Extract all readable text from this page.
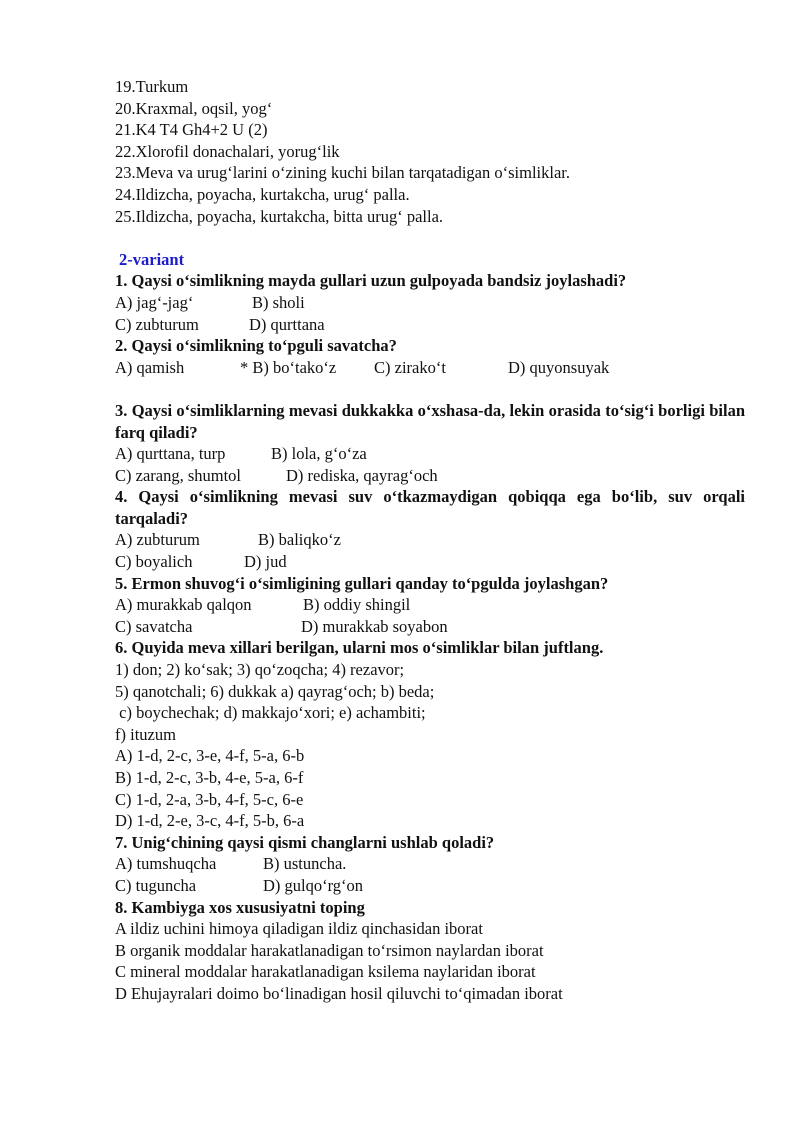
19.Turkum
20.Kraxmal, oqsil, yog‘
21.K4 T4 Gh4+2 U (2)
22.Xlorofil donachalari, yorug‘lik
23.Meva va urug‘larini o‘zining kuchi bilan tarqatadigan o‘simliklar.
24.Ildizcha, poyacha, kurtakcha, urug‘ palla.
25.Ildizcha, poyacha, kurtakcha, bitta urug‘ palla.
2-variant
1. Qaysi o‘simlikning mayda gullari uzun gulpoyada bandsiz joylashadi?
A) jag‘-jag‘	B) sholi
C) zubturum	D) qurttana
2. Qaysi o‘simlikning to‘pguli savatcha?
A) qamish	* B) bo‘tako‘z	C) zirako‘t	D) quyonsuyak
3. Qaysi o‘simliklarning mevasi dukkakka o‘xshasa-da, lekin orasida to‘sig‘i borligi bilan farq qiladi?
A) qurttana, turp	B) lola, g‘o‘za
C) zarang, shumtol	D) rediska, qayrag‘och
4. Qaysi o‘simlikning mevasi suv o‘tkazmaydigan qobiqqa ega bo‘lib, suv orqali tarqaladi?
A) zubturum	B) baliqko‘z
C) boyalich	D) jud
5. Ermon shuvog‘i o‘simligining gullari qanday to‘pgulda joylashgan?
A) murakkab qalqon	B) oddiy shingil
C) savatcha	D) murakkab soyabon
6. Quyida meva xillari berilgan, ularni mos o‘simliklar bilan juftlang.
1) don; 2) ko‘sak; 3) qo‘zoqcha; 4) rezavor;
5) qanotchali; 6) dukkak a) qayrag‘och; b) beda;
c) boychechak; d) makkajo‘xori; e) achambiti;
f) ituzum
A) 1-d, 2-c, 3-e, 4-f, 5-a, 6-b
B) 1-d, 2-c, 3-b, 4-e, 5-a, 6-f
C) 1-d, 2-a, 3-b, 4-f, 5-c, 6-e
D) 1-d, 2-e, 3-c, 4-f, 5-b, 6-a
7. Unig‘chining qaysi qismi changlarni ushlab qoladi?
A) tumshuqcha	B) ustuncha.
C) tuguncha	D) gulqo‘rg‘on
8. Kambiyga xos xususiyatni toping
A ildiz uchini himoya qiladigan ildiz qinchasidan iborat
B organik moddalar harakatlanadigan to‘rsimon naylardan iborat
C mineral moddalar harakatlanadigan ksilema naylaridan iborat
D Ehujayralari doimo bo‘linadigan hosil qiluvchi to‘qimadan iborat
